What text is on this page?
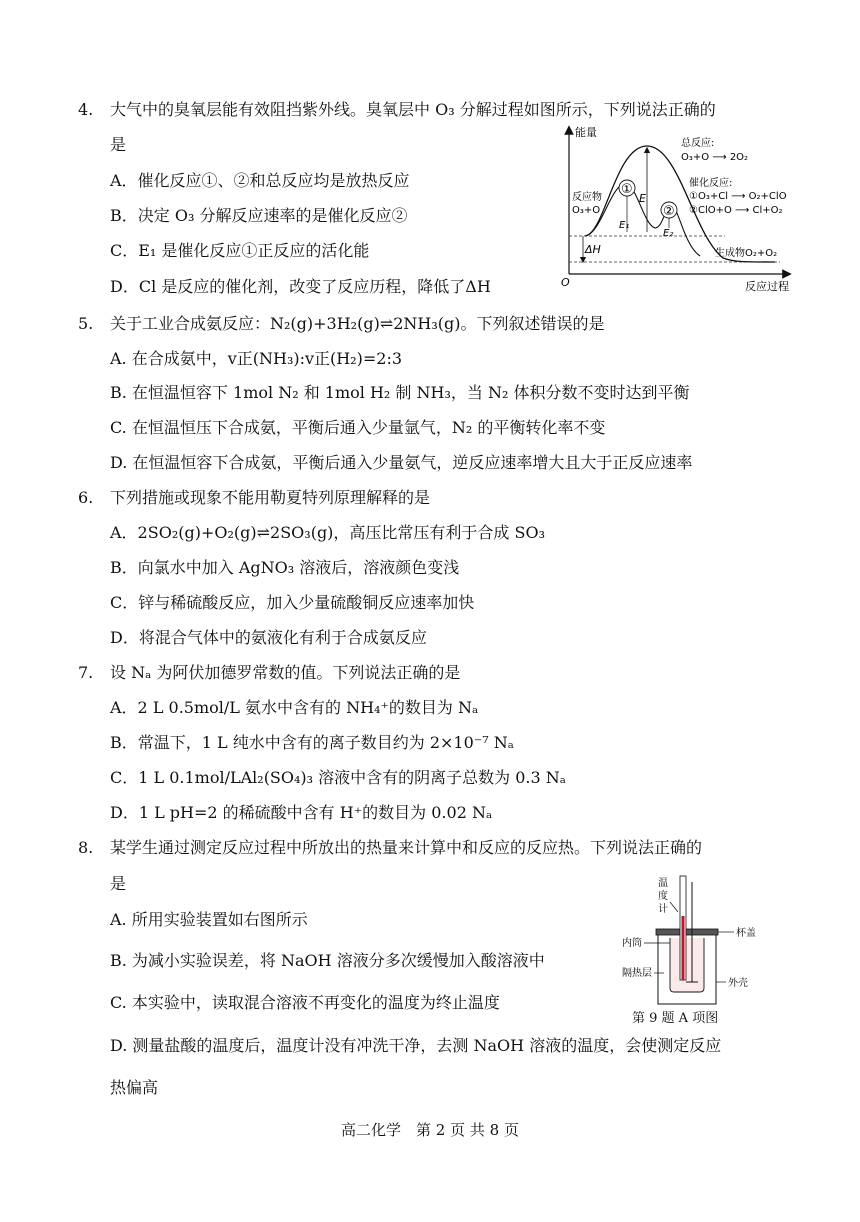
4. 大气中的臭氧层能有效阻挡紫外线。臭氧层中 O₃ 分解过程如图所示，下列说法正确的
是
A．催化反应①、②和总反应均是放热反应
B．决定 O₃ 分解反应速率的是催化反应②
C．E₁ 是催化反应①正反应的活化能
D．Cl 是反应的催化剂，改变了反应历程，降低了ΔH
能量
反应过程
O
E
E₁
E₂
ΔH
①
②
反应物
O₃+O
生成物O₂+O₂
总反应:
O₃+O ⟶ 2O₂
催化反应:
①O₃+Cl ⟶ O₂+ClO
②ClO+O ⟶ Cl+O₂
5. 关于工业合成氨反应：N₂(g)+3H₂(g)⇌2NH₃(g)。下列叙述错误的是
A. 在合成氨中，v正(NH₃):v正(H₂)=2:3
B. 在恒温恒容下 1mol N₂ 和 1mol H₂ 制 NH₃，当 N₂ 体积分数不变时达到平衡
C. 在恒温恒压下合成氨，平衡后通入少量氩气，N₂ 的平衡转化率不变
D. 在恒温恒容下合成氨，平衡后通入少量氨气，逆反应速率增大且大于正反应速率
6. 下列措施或现象不能用勒夏特列原理解释的是
A．2SO₂(g)+O₂(g)⇌2SO₃(g)，高压比常压有利于合成 SO₃
B．向氯水中加入 AgNO₃ 溶液后，溶液颜色变浅
C．锌与稀硫酸反应，加入少量硫酸铜反应速率加快
D．将混合气体中的氨液化有利于合成氨反应
7. 设 Nₐ 为阿伏加德罗常数的值。下列说法正确的是
A．2 L 0.5mol/L 氨水中含有的 NH₄⁺的数目为 Nₐ
B．常温下，1 L 纯水中含有的离子数目约为 2×10⁻⁷ Nₐ
C．1 L 0.1mol/LAl₂(SO₄)₃ 溶液中含有的阴离子总数为 0.3 Nₐ
D．1 L pH=2 的稀硫酸中含有 H⁺的数目为 0.02 Nₐ
8. 某学生通过测定反应过程中所放出的热量来计算中和反应的反应热。下列说法正确的
是
A. 所用实验装置如右图所示
B. 为减小实验误差，将 NaOH 溶液分多次缓慢加入酸溶液中
C. 本实验中，读取混合溶液不再变化的温度为终止温度
D. 测量盐酸的温度后，温度计没有冲洗干净，去测 NaOH 溶液的温度，会使测定反应
热偏高
温
度
计
杯盖
内筒
隔热层
外壳
第 9 题 A 项图
高二化学　第 2 页 共 8 页
